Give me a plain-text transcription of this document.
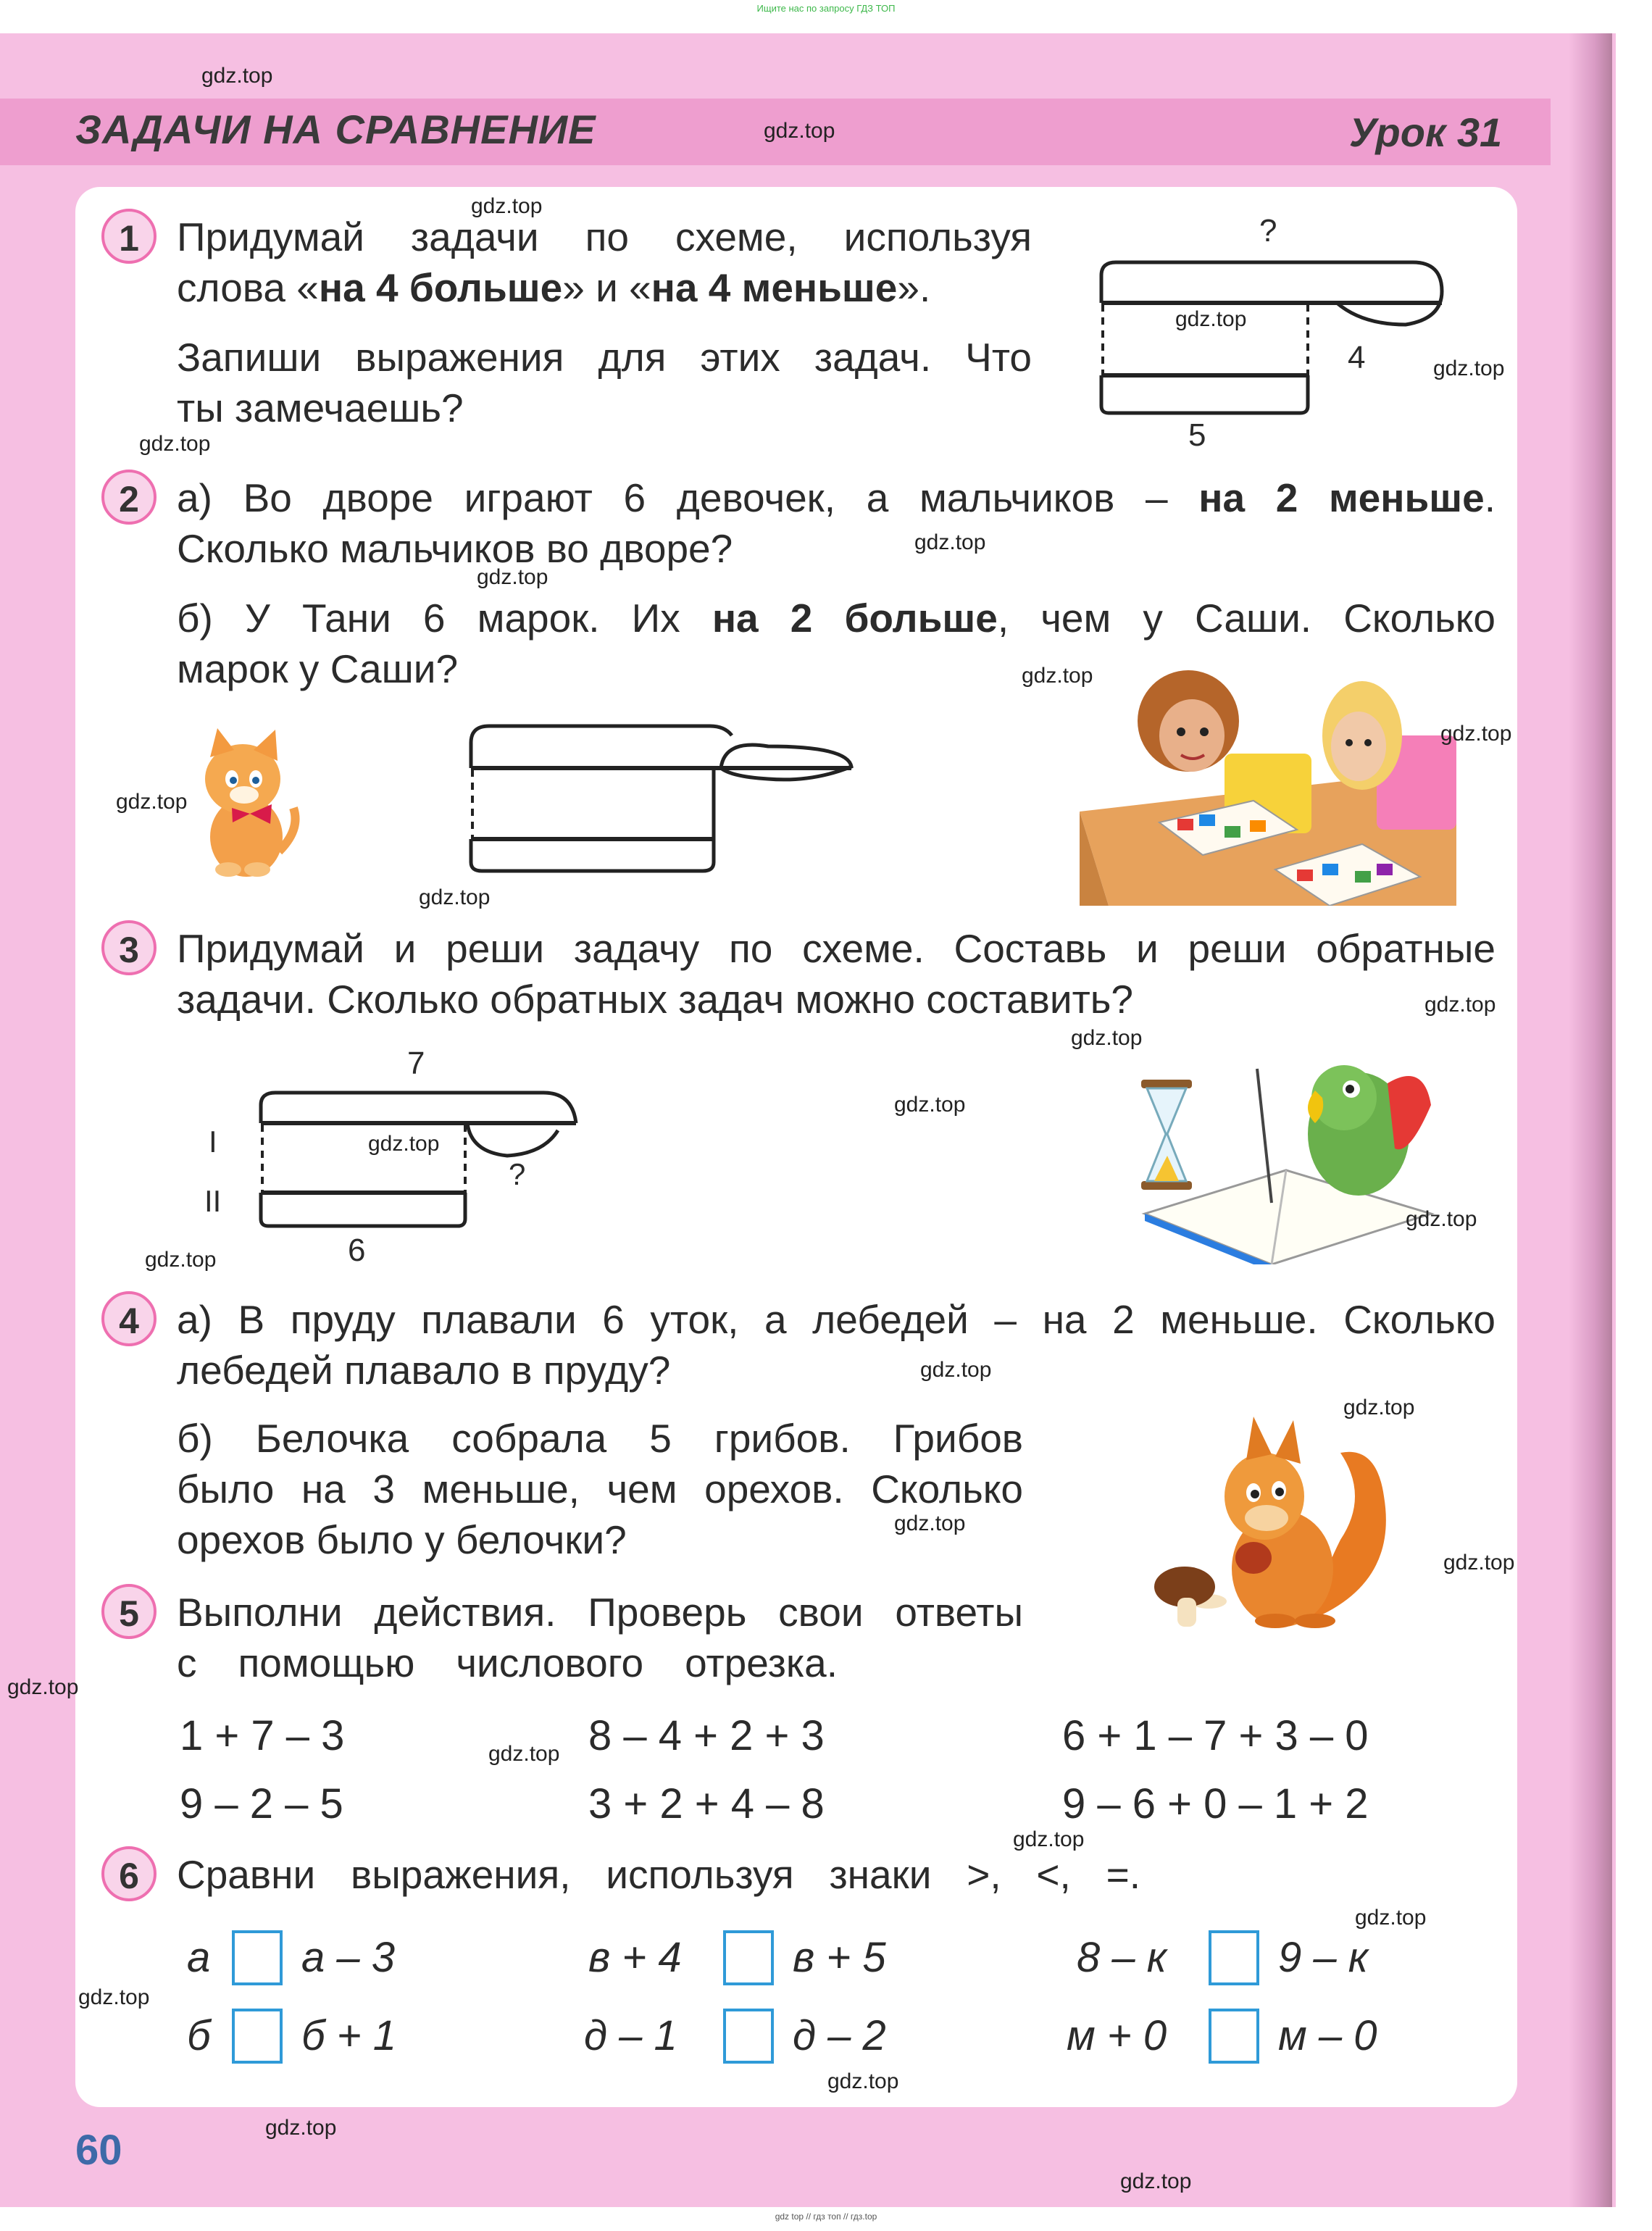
Ищите нас по запросу ГДЗ ТОП
ЗАДАЧИ НА СРАВНЕНИЕ	Урок 31
1 Придумай задачи по схеме, используя
слова «на 4 больше» и «на 4 меньше».
Запиши выражения для этих задач. Что
ты замечаешь?
?
4
5
2 а) Во дворе играют 6 девочек, а мальчиков – на 2 меньше.
Сколько мальчиков во дворе?
б) У Тани 6 марок. Их на 2 больше, чем у Саши. Сколько
марок у Саши?
3 Придумай и реши задачу по схеме. Составь и реши обратные
задачи. Сколько обратных задач можно составить?
7
I
II
?
6
4 а) В пруду плавали 6 уток, а лебедей – на 2 меньше. Сколько
лебедей плавало в пруду?
б) Белочка собрала 5 грибов. Грибов
было на 3 меньше, чем орехов. Сколько
орехов было у белочки?
5 Выполни действия. Проверь свои ответы
с помощью числового отрезка.
1 + 7 – 3	8 – 4 + 2 + 3	6 + 1 – 7 + 3 – 0
9 – 2 – 5	3 + 2 + 4 – 8	9 – 6 + 0 – 1 + 2
6 Сравни выражения, используя знаки >, <, =.
а а – 3	в + 4	в + 5	8 – к	9 – к
б б + 1	д – 1	д – 2	м + 0	м – 0
60
gdz.top
gdz.top
gdz.top
gdz.top
gdz.top
gdz.top
gdz.top
gdz.top
gdz.top
gdz.top
gdz.top
gdz.top
gdz.top
gdz.top
gdz.top
gdz.top
gdz.top
gdz.top
gdz.top
gdz.top
gdz.top
gdz.top
gdz.top
gdz.top
gdz.top
gdz.top
gdz.top
gdz.top
gdz.top
gdz.top
gdz top // гдз топ // гдз.top
